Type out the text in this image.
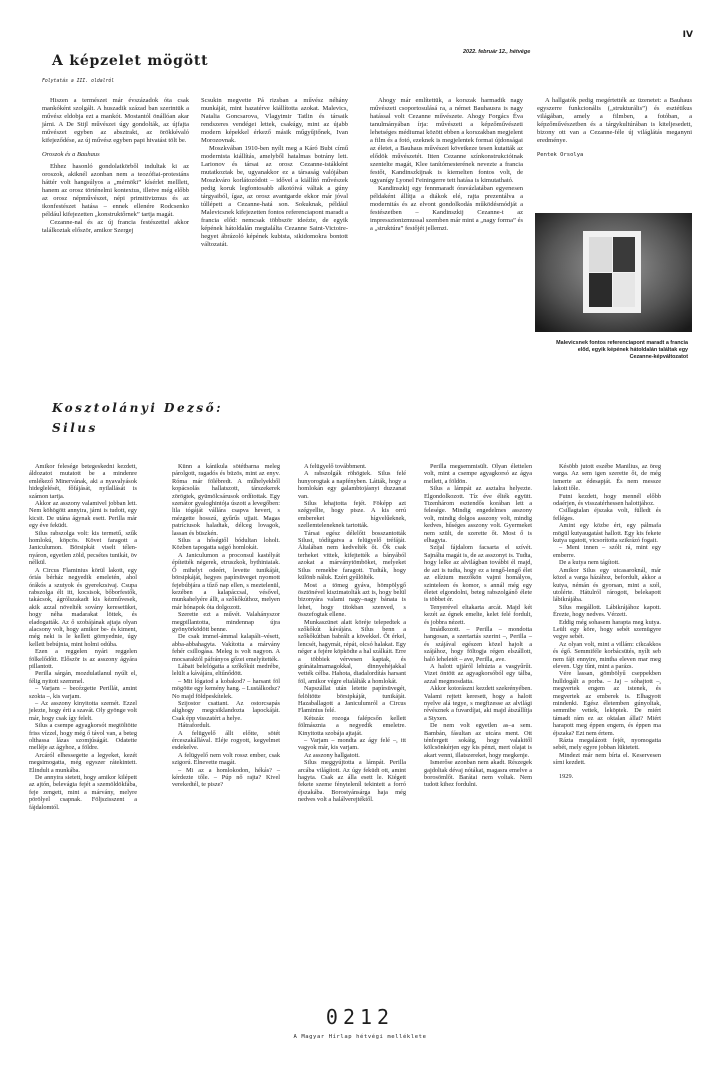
IV
A képzelet mögött
2022. február 12., hétvége
Folytatás a III. oldalról

Hiszen a természet már évszázadok óta csak mankóként szolgált. A huszadik század ban szerintük a művész eldobja ezt a mankót. Mostantól önállóan akar járni. A De Stijl művészei úgy gondolták, az újfajta művészet egyben az absztrakt, az örökkévaló kifejeződése, az új művész egyben papi hivatást tölt be.

Oroszok és a Bauhaus

Ehhez hasonló gondolatkörből indultak ki az oroszok, akiknél azonban nem a teozófiai-protestáns háttér volt hangsúlyos a „mérnöki” kísérlet melllett, hanem az orosz történelmi kontextus, illetve még előbb az orosz népművészet, népi primitivizmus és az ikonfestészet hatása – ennek ellenére Rodcsenko például kifejezetten „konstruktőrnek” tartja magát.

Cezanne-nal és az új francia festészettel akkor találkoztak először, amikor Szergej

Scsukin megvette Pá rizsban a művész néhány munkáját, mint hazatérve kiállította azokat. Malevics, Natalia Goncsarova, Vlagyimir Tatlin és társaik rendszeres vendégei lettek, csakúgy, mint az újabb modern képekkel érkező másik műgyűjtőnek, Ivan Morozovnak.

Moszkvában 1910-ben nyílt meg a Káró Bubi című modernista kiállítás, amelyből hatalmas botrány lett. Larionov és társai az orosz Cezanne-istákként mutatkoztak be, ugyanakkor ez a társaság valójában Moszkváro korlátozódott – idővel a kiállító művészek pedig koruk legfontosabb alkotóivá váltak a gúny tárgyaiból, ígaz, az orosz avantgarde ekkor már jóval túllépett a Cezanne-hatá son. Sokuknak, például Malevicsnek kifejezetten fontos referenciapont maradt a francia előd: nemcsak többször ideézte, de egyik képének hátoldalán megtalálta Cezanne Saint-Victoire-hegyet ábrázoló képének kubista, sikidomokra bontott változatát.

Ahogy már említettük, a korszak harmadik nagy művészeti csoportosulásá ra, a német Bauhausra is nagy hatással volt Cezanne művészete. Ahogy Forgács Éva tanulmányában írja: művészeti a képzőművészeti lehetséges médiumai között ebben a korszakban megjelent a film és a fotó, ezeknek is megjelentek formai újdonságai az életet, a Bauhaus művészei következe tesen kutatták az elődök művészetét. Itten Cezanne színkonstrukcióinak szentelte magát, Klee tanítómesterének nevezte a francia festőt, Kandinszkijnak is kiemelten fontos volt, de ugyanígy Lyonel Feiningerre tett hatása is kimutatható.

Kandinszkij egy fennmaradt óravázlatában egyenesen példaként állítja a diákok elé, rajta prezentálva a modernitás és az elvont gondolkodás működésmódját a festészetben – Kandinszkij Cezanne-t az impresszionizmussal szemben már mint a „nagy forma” és a „struktúra” festőjét jellemzi.

A hallgatók pedig megértették az üzenetet: a Bauhaus egyszerre funkcionális („strukturális”) és esztétikus világában, amely a filmben, a fotóban, a képzőművészetben és a tárgykultúrában is kiteljesedett, bizony ott van a Cezanne-féle új világlátás meganyni eredménye.

Pentek Orsolya

Malevicsnek fontos referenciapont maradt a francia előd, egyik képének hátoldalán találtak egy Cezanne-képváltozatot
Kosztolányi Dezső:
Silus

Amikor felesége betegeskedni kezdett, áldozatot mutatott be a mindenre emlékező Minervának, aki a nyavalyások hideglelését, főfájását, nyilallását is számon tartja.

Akkor az asszony valamivel jobban lett. Nem köhögött annyira, járni is tudott, egy kicsit. De utána ágynak esett. Perilla már egy éve feküdt.

Silus rabszolga volt: kis termetű, szűk homlokú, köpcös. Követ faragott a Janiculumon. Börsipkát viselt télen-nyáron, egyetlen zöld, pecsétes tunikát, öv nélkül.

A Circus Flaminius körül lakott, egy óriás bérház negyedik emeletén, ahol órákós a szutyok és gyerekzsivaj. Csupa rabszolga élt itt, kocsisok, bőborfestők, takácsok, ágrólszakadt kis kézművesek, akik azzal növelték sovány keresetüket, hogy néha madarakat löttek, és eladogatták. Az ő szobájának ajtaja olyan alacsony volt, hogy amikor be- és kiment, még neki is le kellett görnyednie, úgy kellett bebújnia, mint holmi odúba.

Ezen a reggelen nyári reggelen fölkelődőtt. Először is az asszony ágyára pillantott.

Perilla sárgán, mozdulatlanul nyúlt el, félig nyitott szemmel.

– Varjam – becézgette Perillát, amint szokta –, kis varjam.

– Az asszony kinyitotta szemét. Ezzel jelezte, hogy érti a szavát. Oly gyönge volt már, hogy csak így felelt.

Silus a csempe agyagkorsót megtöltötte friss vízzel, hogy még ő távol van, a beteg olthassa lázas szomjúságát. Odatette melléje az ágyhoz, a földre.

Arcáról elhessegette a legyeket, kezét megsimogatta, még egyszer rátekintett. Elindult a munkába.

De annyira sietett, hogy amikor kilépett az ajtón, belevágta fejét a szemöldökfába, feje zengett, mint a márvány, melyre pörölyel csapnak. Följszisszent a fájdalomtól.

Künn a kánikula sötétbarna meleg párolgott, ragadós és büzös, mint az enyv. Róma már fölébredt. A műhelyekből kopácsolás hallatszott, társzekerek zörögtek, gyümölcsárusok ordítottak. Egy szenátor gyaloghintója úszott a levegőben: lila tógáját vállára csapva hevert, s mézgette hosszú, gyűrűs ujjait. Magas patríciusok haladtak, délceg lovagok, lassan és büszkén.

Silus a hőségtől bódultan loholt. Közben tapogatta sajgó homlokát.

A Janiculumon a proconsul kastélyát építették négerek, etruszkok, bythiniaiak. Ő mihelyt odeért, levette tunikáját, börsipkáját, hegyes papírsüveget nyomott fejebúbjára a tűző nap ellen, s meztelenül, kezében a kalapáccsal, vésővel, munkahelyére állt, a szőkőkúthoz, melyen már hónapok óta dolgozott.

Szerette ezt a művét. Valahányszor megpillantotta, mindennap újra gyönyörködött benne.

De csak immel-ámmal kalapált–vésett, abba-abbahagyta. Vakította a márvány fehér csillogása. Meleg is volt nagyon. A mocsaraktól páfrányos gőzei emelyítették.

Lábait belelógatta a szőkőkút medrébe, lelült a kávájára, eltűnődött.

– Mit lógatod a kobakod? – harsant föl mögötte egy kemény hang. – Lustálkodsz? No majd földpeskítelek.

Szijostor csattant. Az ostorcsapás alighogy megcsiklandozta lapockáját. Csak épp visszatért a helye.

Hátrafordult.

A felügyelő állt előtte, sötét érceszakállával. Eléje rogyott, kegyelmet esdekelve.

A felügyelő nem volt rossz ember, csak szigorú. Elnevette magát.

– Mi az a homlokodon, hékás? – kérdezte tőle. – Púp nő rajta? Kivel verekedtél, te pisze?

A felügyelő továbbment.

A rabszolgák röhögtek. Silus felé hunyorogtak a napfényben. Látták, hogy a homlokán egy galambtojásnyi duzzanat van.

Silus lehajtotta fejét. Föképp azt szégyellte, hogy pisze. A kis orrú embereket hígvelűeknek, szellemteleneknek tartották.

Társai egész délelőtt bosszantották Silust, tódítgatva a felügyelő tréfáját. Általában nem kedvelték őt. Ők csak terheket vittek, kifejtették a bányából azokat a márványtömböket, melyeket Silus remekbe faragott. Tudták, hogy különb náluk. Ezért gyűlölték.

Most a tömeg gyáva, hömpölygő ösztönével kiszimatolták azt is, hogy belül bizonyára valami nagy–nagy bánata is lehet, hogy titokban szenved, s összefogtak ellene.

Munkaszünet alatt köréje telepedtek a szőkőkút kávájára. Silus benn a szőkőkútban babrált a kövekkel. Őt érkel, lencsét, hagymát, répát, olcsó halakat. Egy néger a fejére köpködte a hal szálkáit. Erre a többiek vérvesen kaptak, és gránátalmamagokkal, dinnyehéjakkal vették célba. Hahota, diadalordítás harsant föl, amikor végre eltalálták a homlokát.

Napszállat után letette papírsüvegét, felöltötte börsipkáját, tunikáját. Hazaballagott a Janiculumról a Circus Flaminius felé.

Kétszáz rozoga falépcsőn kellett fölmásznia a negyedik emeletre. Kinyitotta szobája ajtaját.

– Varjam – mondta az ágy felé –, itt vagyok már, kis varjam.

Az asszony hallgatott.

Silus meggyújtotta a lámpát. Perilla arcába világított. Az úgy feküdt ott, amint hagyta. Csak az álla esett le. Kiégett fekete szeme fényteleníl tekintett a forró éjszakába. Borostyánsárga haja még nedves volt a halálverejtéktől.

Perilla megsemmisült. Olyan élettelen volt, mint a csempe agyagkorsó az ágya mellett, a földön.

Silus a lámpát az asztalra helyezte. Elgondolkozott. Tíz éve élték együtt. Tizenhárom esztendős korában lett a felesége. Mindig engedelmes asszony volt, mindig dolgos asszony volt, mindig kedves, hűséges asszony volt. Gyermeket nem szült, de szerette őt. Most ő is elhagyta.

Szíjal fájdalom facsarta el szívét. Sajnálta magát is, de az asszonyt is. Tudta, hogy lelke az alvilágban további él majd, de azt is tudta, hogy ez a tengő-lengő élet az elízium mezőkön vajmi homályos, szinteleen és komor, s annál még egy életet elgondolni, beteg rabszolgánő élete is többet ér.

Tenyerével eltakarta arcát. Majd két kezét az égnek emelte, kelet felé fordult, és jobbra nézett.

Imádkozott. – Perilla – mondotta hangosan, a szertartás szerint –, Perilla – és szájával egészen közel hajolt a szájához, hogy föltogja régen elszállott, haló leheletét – ave, Perilla, ave.

A halott ujjáról lehúzta a vasgyűrűt. Vizet öntött az agyagkorsóból egy tálba, azzal megmosdatta.

Akkor kotorászni kezdett szekrényében. Valami rejtett keresett, hogy a halott nyelve alá tegye, s megfizesse az alvilági révésznek a fuvardíjat, aki majd átszállítja a Styxen.

De nem volt egyetlen as–a sem. Bambán, fásultan az utcára ment. Ott ténfergett sokáig, hogy valakitől kölcsönkérjen egy kis pénzt, mert olajat is akart venni, illatszereket, hogy megkenje.

Ismerőse azonban nem akadt. Részegek gajdoltak dévaj nótákat, magasra emelve a borosömlőt. Barátai nem voltak. Nem tudott kihez fordulni.

Késöbb jutott eszébe Manilius, az öreg varga. Az sem igen szerette őt, de még ismerte az édesapját. És nem messze lakott tőle.

Futni kezdett, hogy mennél előbb odaérjen, és visszatérhessen halottjához.

Csillagtalan éjszaka volt, fülledt és felléges.

Amint egy közbe ért, egy pálmafa mögül kutyaugatást hallott. Egy kis fekete kutya ugatott, vicsorította szikrázó fogait.

– Meni innen – szólt rá, mint egy emberre.

De a kutya nem tágított.

Amikor Silus egy utcasaroknál, már közel a varga házához, befordult, akkor a kutya, némán és gyorsan, mint a szél, utolérte. Hátulról rárogott, belekapott lábikrájába.

Silus megállott. Lábikrájához kapott. Érezte, hogy nedves. Vérzett.

Eddig még sohasem harapta meg kutya. Leült egy köre, hogy sebét szemügyre vegye sebét.

Az olyan volt, mint a villám: cikcakkos és égő. Semmiféle korbácsütés, nyílt seb nem fájt ennyire, mintha eleven mar meg eleven. Ugy tűnt, mint a parázs.

Vére lassan, gömbölyű cseppekben hulldogált a porba. – Jaj – sóhajtott –, megvertek engem az istenek, és megvertek az emberek is. Elhagyott mindenki. Egész életemben gúnyoltak, semmibe vettek, leköptek. De miért támadt rám ez az oktalan állat? Miért harapott meg éppen engem, és éppen ma éjszaka? Ezt nem értem.

Rázta megalázott fejét, nyomogatta sebét, mely egyre jobban lüktetett.

Mindezt már nem bírta el. Keservesen sírni kezdett.

1929.

0212
A Magyar Hírlap hétvégi melléklete
